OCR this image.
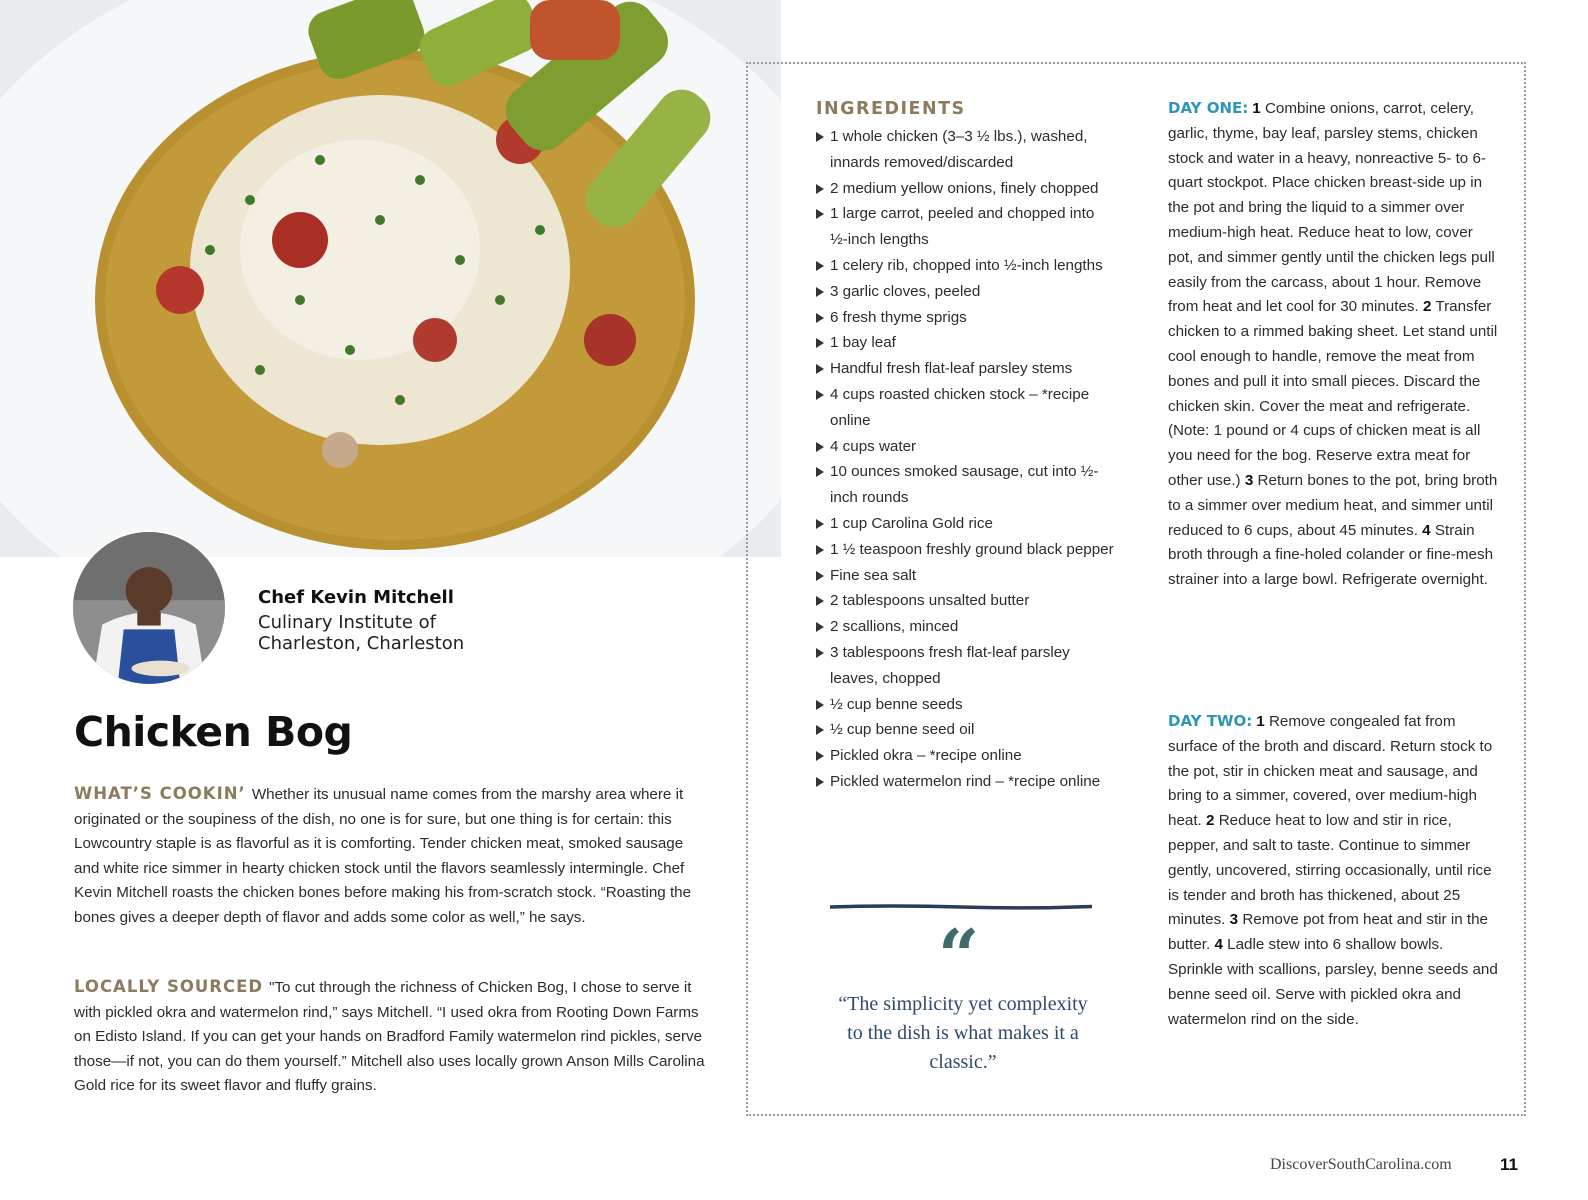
Chef Kevin Mitchell
Culinary Institute of Charleston, Charleston
Chicken Bog

WHAT’S COOKIN’ Whether its unusual name comes from the marshy area where it originated or the soupiness of the dish, no one is for sure, but one thing is for certain: this Lowcountry staple is as flavorful as it is comforting. Tender chicken meat, smoked sausage and white rice simmer in hearty chicken stock until the flavors seamlessly intermingle. Chef Kevin Mitchell roasts the chicken bones before making his from-scratch stock. “Roasting the bones gives a deeper depth of flavor and adds some color as well,” he says.

LOCALLY SOURCED "To cut through the richness of Chicken Bog, I chose to serve it with pickled okra and watermelon rind,” says Mitchell. “I used okra from Rooting Down Farms on Edisto Island. If you can get your hands on Bradford Family watermelon rind pickles, serve those—if not, you can do them yourself.” Mitchell also uses locally grown Anson Mills Carolina Gold rice for its sweet flavor and fluffy grains.

INGREDIENTS
1 whole chicken (3–3 ½ lbs.), washed, innards removed/discarded
2 medium yellow onions, finely chopped
1 large carrot, peeled and chopped into ½-inch lengths
1 celery rib, chopped into ½-inch lengths
3 garlic cloves, peeled
6 fresh thyme sprigs
1 bay leaf
Handful fresh flat-leaf parsley stems
4 cups roasted chicken stock – *recipe online
4 cups water
10 ounces smoked sausage, cut into ½-inch rounds
1 cup Carolina Gold rice
1 ½ teaspoon freshly ground black pepper
Fine sea salt
2 tablespoons unsalted butter
2 scallions, minced
3 tablespoons fresh flat-leaf parsley leaves, chopped
½ cup benne seeds
½ cup benne seed oil
Pickled okra – *recipe online
Pickled watermelon rind – *recipe online
“
“The simplicity yet complexity to the dish is what makes it a classic.”

DAY ONE: 1 Combine onions, carrot, celery, garlic, thyme, bay leaf, parsley stems, chicken stock and water in a heavy, nonreactive 5- to 6-quart stockpot. Place chicken breast-side up in the pot and bring the liquid to a simmer over medium-high heat. Reduce heat to low, cover pot, and simmer gently until the chicken legs pull easily from the carcass, about 1 hour. Remove from heat and let cool for 30 minutes. 2 Transfer chicken to a rimmed baking sheet. Let stand until cool enough to handle, remove the meat from bones and pull it into small pieces. Discard the chicken skin. Cover the meat and refrigerate. (Note: 1 pound or 4 cups of chicken meat is all you need for the bog. Reserve extra meat for other use.) 3 Return bones to the pot, bring broth to a simmer over medium heat, and simmer until reduced to 6 cups, about 45 minutes. 4 Strain broth through a fine-holed colander or fine-mesh strainer into a large bowl. Refrigerate overnight.

DAY TWO: 1 Remove congealed fat from surface of the broth and discard. Return stock to the pot, stir in chicken meat and sausage, and bring to a simmer, covered, over medium-high heat. 2 Reduce heat to low and stir in rice, pepper, and salt to taste. Continue to simmer gently, uncovered, stirring occasionally, until rice is tender and broth has thickened, about 25 minutes. 3 Remove pot from heat and stir in the butter. 4 Ladle stew into 6 shallow bowls. Sprinkle with scallions, parsley, benne seeds and benne seed oil. Serve with pickled okra and watermelon rind on the side.

DiscoverSouthCarolina.com	11
